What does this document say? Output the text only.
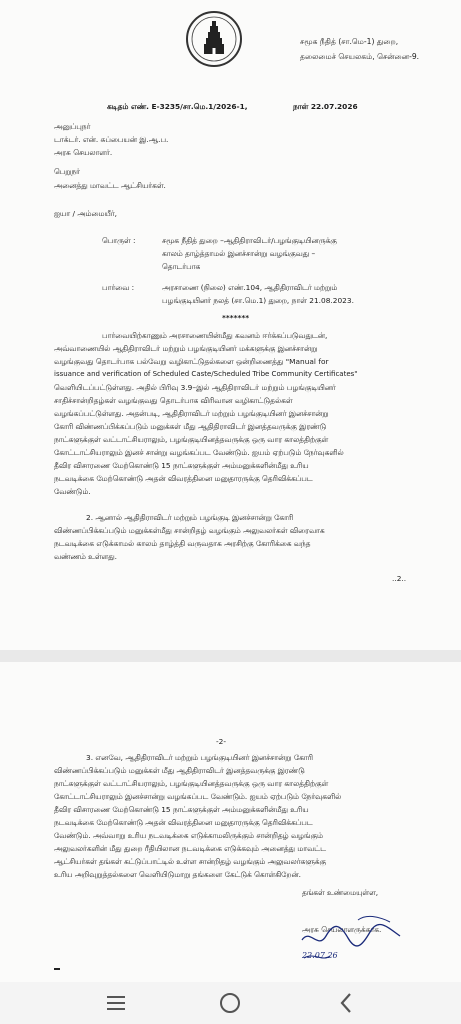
சமூக நீதித் (சா.மெ-1) துறை,
தலைமைச் செயலகம், சென்னை-9.
கடிதம் எண். E-3235/சா.மெ.1/2026-1,	நாள் 22.07.2026
அனுப்புநர்
டாக்டர். என். சுப்பையன் இ.ஆ.ப.
அரசு செயலாளர்.
பெறுநர்
அனைத்து மாவட்ட ஆட்சியர்கள்.
ஐயா / அம்மையீர்,
பொருள் :	சமூக நீதித் துறை –ஆதிதிராவிடர்/பழங்குடியினருக்கு
காலம் தாழ்த்தாமல் இனச்சான்று வழங்குவது –
தொடர்பாக
பார்வை :	அரசாணை (நிலை) எண்.104, ஆதிதிராவிடர் மற்றும்
பழங்குடியினர் நலத் (சா.மெ.1) துறை, நாள் 21.08.2023.
*******
பார்வையிற்காணும் அரசாணையின்மீது கவனம் ஈர்க்கப்படுவதுடன்,
அவ்வாணையில் ஆதிதிராவிடர் மற்றும் பழங்குடியினர் மக்களுக்கு இனச்சான்று
வழங்குவது தொடர்பாக பல்வேறு வழிகாட்டுதல்களை ஒன்றிணைத்து "Manual for
issuance and verification of Scheduled Caste/Scheduled Tribe Community Certificates"
வெளியிடப்பட்டுள்ளது. அதில் பிரிவு 3.9–இல் ஆதிதிராவிடர் மற்றும் பழங்குடியினர்
சாதிச்சான்றிதழ்கள் வழங்குவது தொடர்பாக விரிவான வழிகாட்டுதல்கள்
வழங்கப்பட்டுள்ளது. அதன்படி, ஆதிதிராவிடர் மற்றும் பழங்குடியினர் இனச்சான்று
கோரி விண்ணப்பிக்கப்படும் மனுக்கள் மீது ஆதிதிராவிடர் இனத்தவருக்கு இரண்டு
நாட்களுக்குள் வட்டாட்சியராலும், பழங்குடியினத்தவருக்கு ஒரு வார காலத்திற்குள்
கோட்டாட்சியராலும் இனச் சான்று வழங்கப்பட வேண்டும். ஐயம் ஏற்படும் நேர்வுகளில்
தீவிர விசாரணை மேற்கொண்டு 15 நாட்களுக்குள் அம்மனுக்களின்மீது உரிய
நடவடிக்கை மேற்கொண்டு அதன் விவரத்தினை மனுதாரருக்கு தெரிவிக்கப்பட
வேண்டும்.
2. ஆனால் ஆதிதிராவிடர் மற்றும் பழங்குடி இனச்சான்று கோரி
விண்ணப்பிக்கப்படும் மனுக்கள்மீது சான்றிதழ் வழங்கும் அலுவலர்கள் விரைவாக
நடவடிக்கை எடுக்காமல் காலம் தாழ்த்தி வருவதாக அரசிற்கு கோரிக்கை வந்த
வண்ணம் உள்ளது.
..2..
-2-
3. எனவே, ஆதிதிராவிடர் மற்றும் பழங்குடியினர் இனச்சான்று கோரி
விண்ணப்பிக்கப்படும் மனுக்கள் மீது ஆதிதிராவிடர் இனத்தவருக்கு இரண்டு
நாட்களுக்குள் வட்டாட்சியராலும், பழங்குடியினத்தவருக்கு ஒரு வார காலத்திற்குள்
கோட்டாட்சியராலும் இனச்சான்று வழங்கப்பட வேண்டும். ஐயம் ஏற்படும் நேர்வுகளில்
தீவிர விசாரணை மேற்கொண்டு 15 நாட்களுக்குள் அம்மனுக்களின்மீது உரிய
நடவடிக்கை மேற்கொண்டு அதன் விவரத்தினை மனுதாரருக்கு தெரிவிக்கப்பட
வேண்டும். அவ்வாறு உரிய நடவடிக்கை எடுக்காமலிருக்கும் சான்றிதழ் வழங்கும்
அலுவலர்களின் மீது துறை ரீதியிலான நடவடிக்கை எடுக்கவும் அனைத்து மாவட்ட
ஆட்சியர்கள் தங்கள் கட்டுப்பாட்டில் உள்ள சான்றிதழ் வழங்கும் அலுவலர்களுக்கு
உரிய அறிவுறுத்தல்களை வெளியிடுமாறு தங்களை கேட்டுக் கொள்கிறேன்.
தங்கள் உண்மையுள்ள,
அரசு செயலாளருக்காக.
22.07.26
